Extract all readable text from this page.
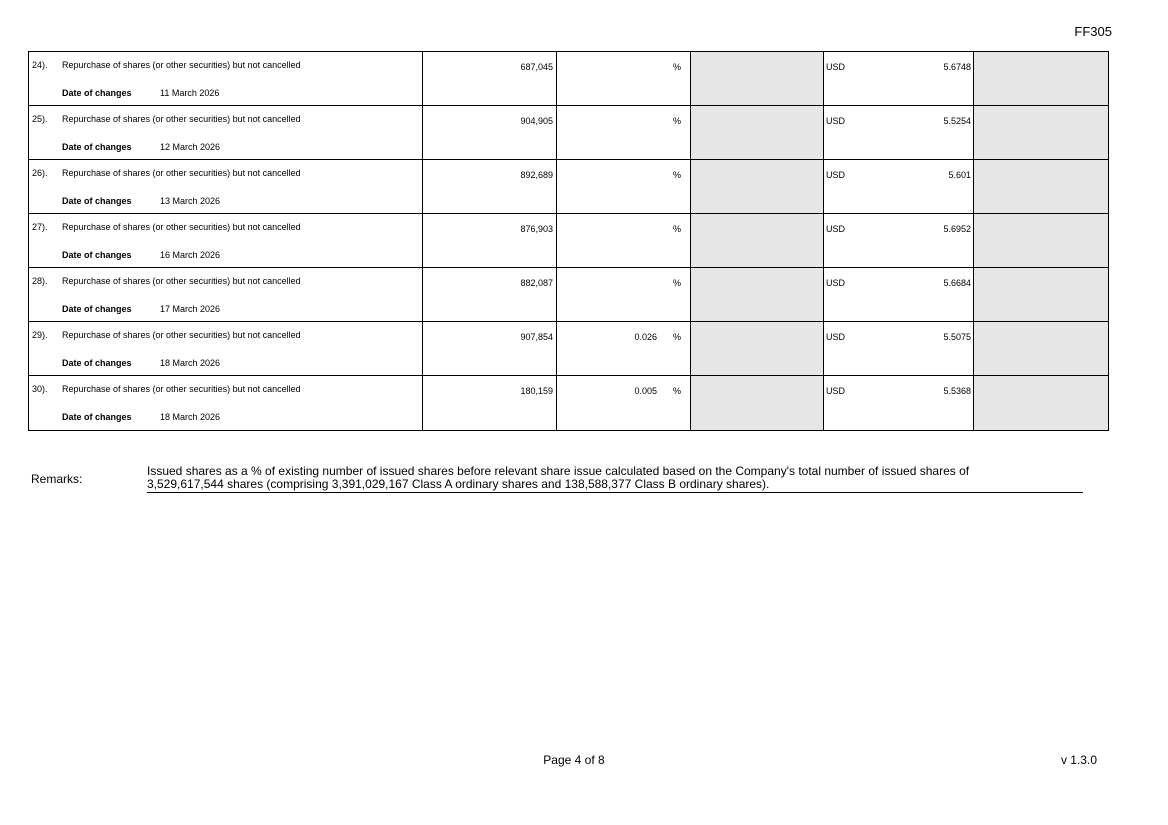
FF305
24). Repurchase of shares (or other securities) but not cancelled
Date of changes	11 March 2026
687,045	%	USD	5.6748
25). Repurchase of shares (or other securities) but not cancelled
Date of changes	12 March 2026
904,905	%	USD	5.5254
26). Repurchase of shares (or other securities) but not cancelled
Date of changes	13 March 2026
892,689	%	USD	5.601
27). Repurchase of shares (or other securities) but not cancelled
Date of changes	16 March 2026
876,903	%	USD	5.6952
28). Repurchase of shares (or other securities) but not cancelled
Date of changes	17 March 2026
882,087	%	USD	5.6684
29). Repurchase of shares (or other securities) but not cancelled
Date of changes	18 March 2026
907,854	0.026 %	USD	5.5075
30). Repurchase of shares (or other securities) but not cancelled
Date of changes	18 March 2026
180,159	0.005 %	USD	5.5368
Remarks:
Issued shares as a % of existing number of issued shares before relevant share issue calculated based on the Company's total number of issued shares of
3,529,617,544 shares (comprising 3,391,029,167 Class A ordinary shares and 138,588,377 Class B ordinary shares).
Page 4 of 8	v 1.3.0
